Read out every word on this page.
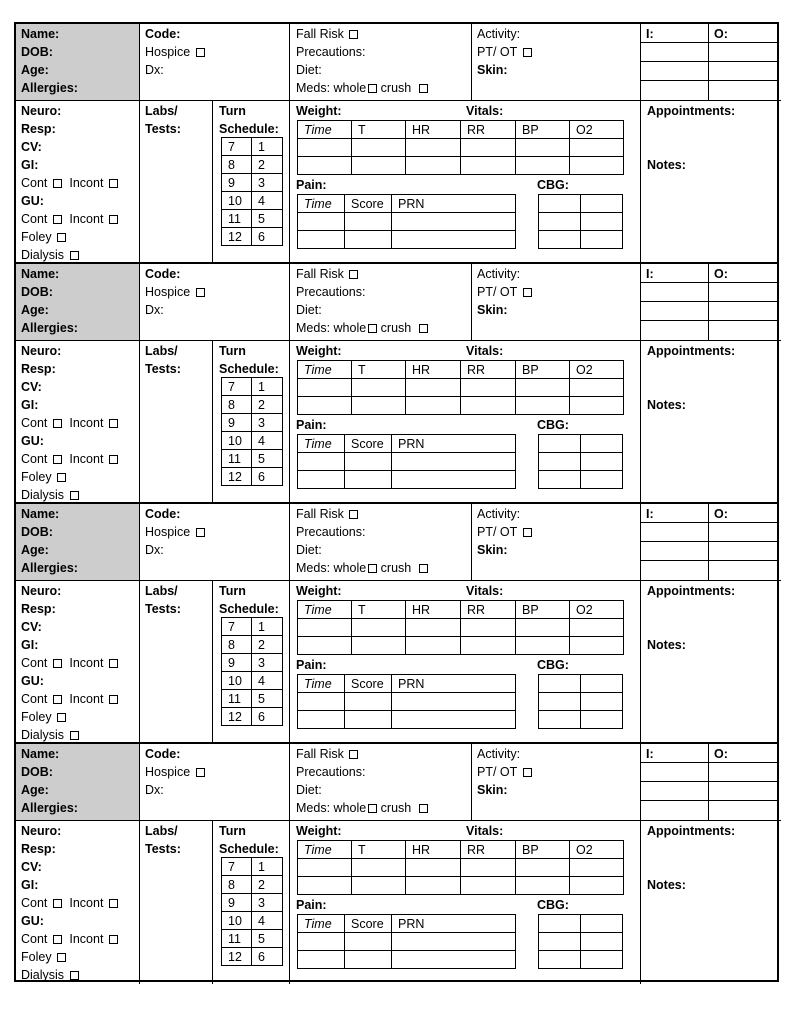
Name:
DOB:
Age:
Allergies:
Code:
Hospice
Dx:
Fall Risk
Precautions:
Diet:
Meds: whole crush
Activity:
PT/ OT
Skin:
I:	O:
Neuro:
Resp:
CV:
GI:
Cont Incont
GU:
Cont Incont
Foley
Dialysis
Labs/
Tests:
Turn
Schedule:
7	1
8	2
9	3
10	4
11	5
12	6
Weight:	Vitals:
Time	T	HR	RR	BP	O2

Pain:
Time	Score	PRN

CBG:

Appointments:
Notes:
Name:
DOB:
Age:
Allergies:
Code:
Hospice
Dx:
Fall Risk
Precautions:
Diet:
Meds: whole crush
Activity:
PT/ OT
Skin:
I:	O:
Neuro:
Resp:
CV:
GI:
Cont Incont
GU:
Cont Incont
Foley
Dialysis
Labs/
Tests:
Turn
Schedule:
7	1
8	2
9	3
10	4
11	5
12	6
Weight:	Vitals:
Time	T	HR	RR	BP	O2

Pain:
Time	Score	PRN

CBG:

Appointments:
Notes:
Name:
DOB:
Age:
Allergies:
Code:
Hospice
Dx:
Fall Risk
Precautions:
Diet:
Meds: whole crush
Activity:
PT/ OT
Skin:
I:	O:
Neuro:
Resp:
CV:
GI:
Cont Incont
GU:
Cont Incont
Foley
Dialysis
Labs/
Tests:
Turn
Schedule:
7	1
8	2
9	3
10	4
11	5
12	6
Weight:	Vitals:
Time	T	HR	RR	BP	O2

Pain:
Time	Score	PRN

CBG:

Appointments:
Notes:
Name:
DOB:
Age:
Allergies:
Code:
Hospice
Dx:
Fall Risk
Precautions:
Diet:
Meds: whole crush
Activity:
PT/ OT
Skin:
I:	O:
Neuro:
Resp:
CV:
GI:
Cont Incont
GU:
Cont Incont
Foley
Dialysis
Labs/
Tests:
Turn
Schedule:
7	1
8	2
9	3
10	4
11	5
12	6
Weight:	Vitals:
Time	T	HR	RR	BP	O2

Pain:
Time	Score	PRN

CBG:

Appointments:
Notes:
